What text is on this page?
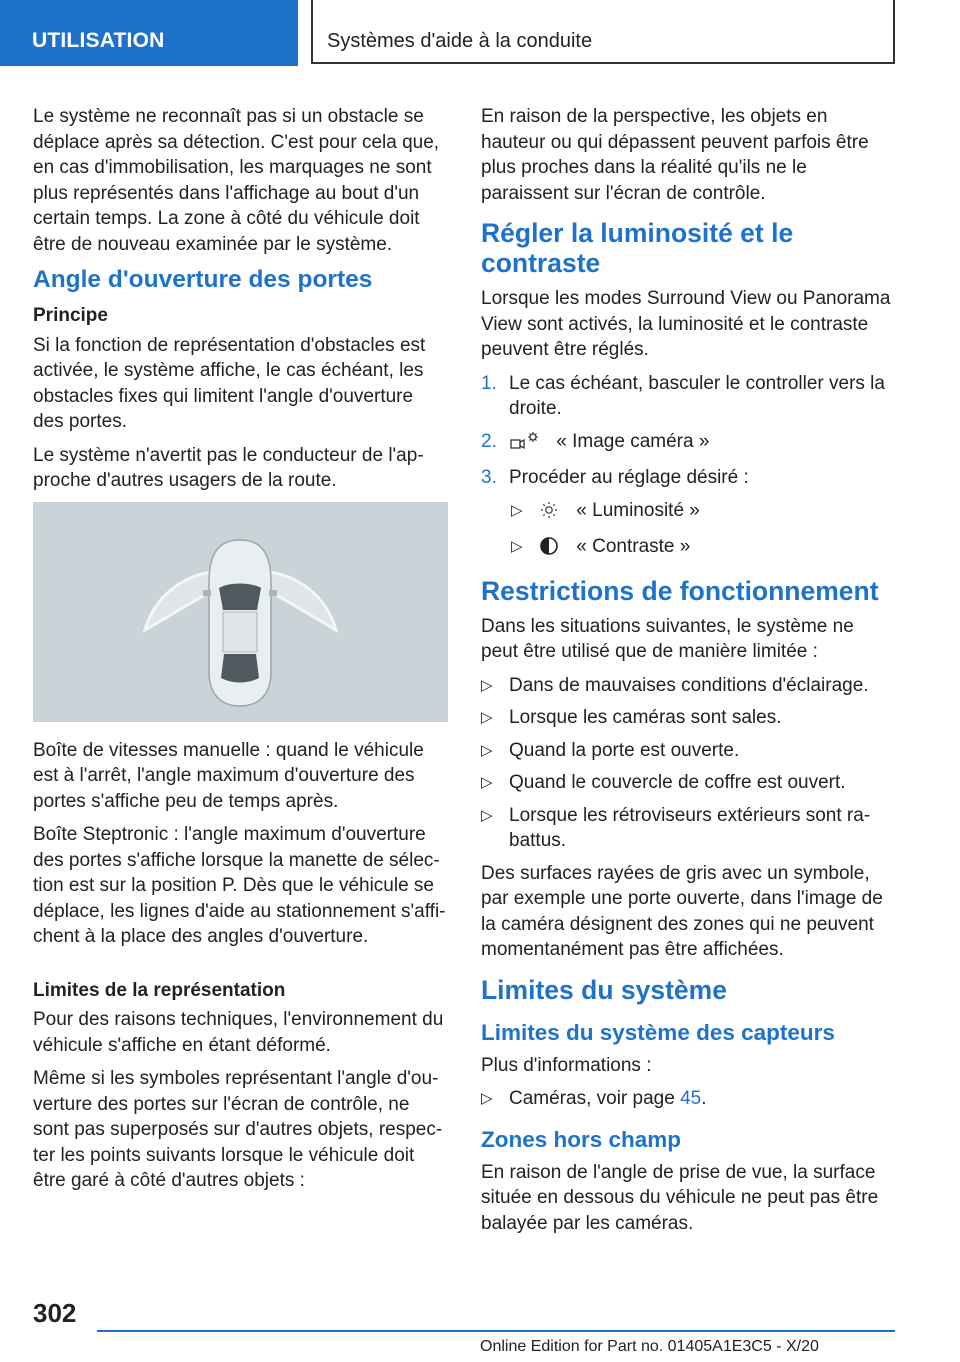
UTILISATION	Systèmes d'aide à la conduite

Le système ne reconnaît pas si un obstacle se déplace après sa détection. C'est pour cela que, en cas d'immobilisation, les marquages ne sont plus représentés dans l'affichage au bout d'un certain temps. La zone à côté du véhicule doit être de nouveau examinée par le système.

Angle d'ouverture des portes
Principe

Si la fonction de représentation d'obstacles est activée, le système affiche, le cas échéant, les obstacles fixes qui limitent l'angle d'ouverture des portes.

Le système n'avertit pas le conducteur de l'approche d'autres usagers de la route.

Boîte de vitesses manuelle : quand le véhicule est à l'arrêt, l'angle maximum d'ouverture des portes s'affiche peu de temps après.

Boîte Steptronic : l'angle maximum d'ouverture des portes s'affiche lorsque la manette de sélection est sur la position P. Dès que le véhicule se déplace, les lignes d'aide au stationnement s'affichent à la place des angles d'ouverture.

Limites de la représentation

Pour des raisons techniques, l'environnement du véhicule s'affiche en étant déformé.

Même si les symboles représentant l'angle d'ouverture des portes sur l'écran de contrôle, ne sont pas superposés sur d'autres objets, respecter les points suivants lorsque le véhicule doit être garé à côté d'autres objets :

En raison de la perspective, les objets en hauteur ou qui dépassent peuvent parfois être plus proches dans la réalité qu'ils ne le paraissent sur l'écran de contrôle.

Régler la luminosité et le contraste

Lorsque les modes Surround View ou Panorama View sont activés, la luminosité et le contraste peuvent être réglés.

1. Le cas échéant, basculer le controller vers la droite.
2.	« Image caméra »
3. Procéder au réglage désiré :
▷	« Luminosité »
▷	« Contraste »
Restrictions de fonctionnement

Dans les situations suivantes, le système ne peut être utilisé que de manière limitée :

▷ Dans de mauvaises conditions d'éclairage.
▷ Lorsque les caméras sont sales.
▷ Quand la porte est ouverte.
▷ Quand le couvercle de coffre est ouvert.
▷ Lorsque les rétroviseurs extérieurs sont rabattus.

Des surfaces rayées de gris avec un symbole, par exemple une porte ouverte, dans l'image de la caméra désignent des zones qui ne peuvent momentanément pas être affichées.

Limites du système
Limites du système des capteurs

Plus d'informations :

▷ Caméras, voir page 45.
Zones hors champ

En raison de l'angle de prise de vue, la surface située en dessous du véhicule ne peut pas être balayée par les caméras.

302
Online Edition for Part no. 01405A1E3C5 - X/20
